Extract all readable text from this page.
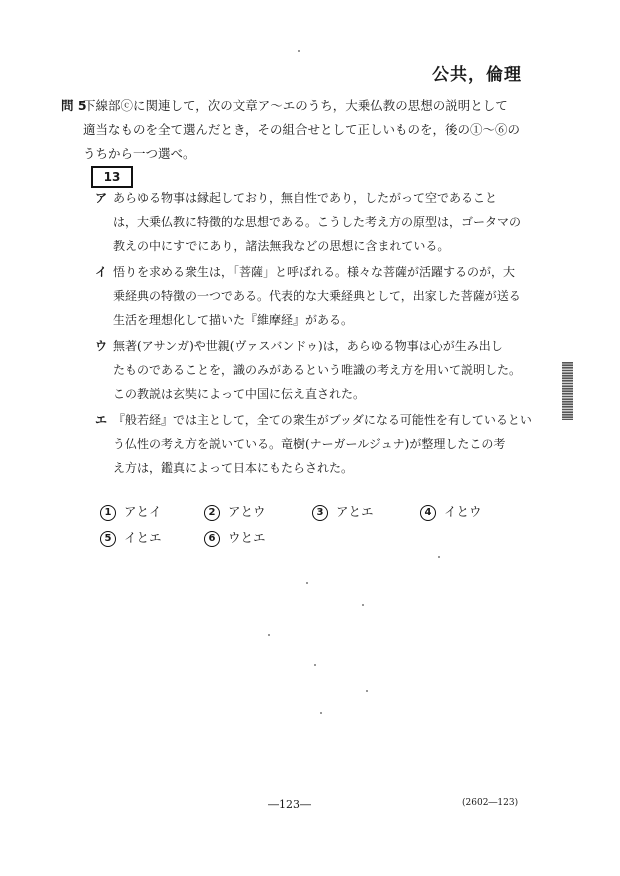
公共，倫理
問 5
下線部ⓒに関連して，次の文章ア～エのうち，大乗仏教の思想の説明として
適当なものを全て選んだとき，その組合せとして正しいものを，後の①～⑥の
うちから一つ選べ。
13
ア あらゆる物事は縁起しており，無自性であり，したがって空であること
は，大乗仏教に特徴的な思想である。こうした考え方の原型は，ゴータマの
教えの中にすでにあり，諸法無我などの思想に含まれている。
イ 悟りを求める衆生は，「菩薩」と呼ばれる。様々な菩薩が活躍するのが，大
乗経典の特徴の一つである。代表的な大乗経典として，出家した菩薩が送る
生活を理想化して描いた『維摩経』がある。
ウ 無著(アサンガ)や世親(ヴァスバンドゥ)は，あらゆる物事は心が生み出し
たものであることを，識のみがあるという唯識の考え方を用いて説明した。
この教説は玄奘によって中国に伝え直された。
エ 『般若経』では主として，全ての衆生がブッダになる可能性を有しているとい
う仏性の考え方を説いている。竜樹(ナーガールジュナ)が整理したこの考
え方は，鑑真によって日本にもたらされた。
1 アとイ	2 アとウ	3 アとエ	4 イとウ
5 イとエ	6 ウとエ
―123―	(2602―123)
